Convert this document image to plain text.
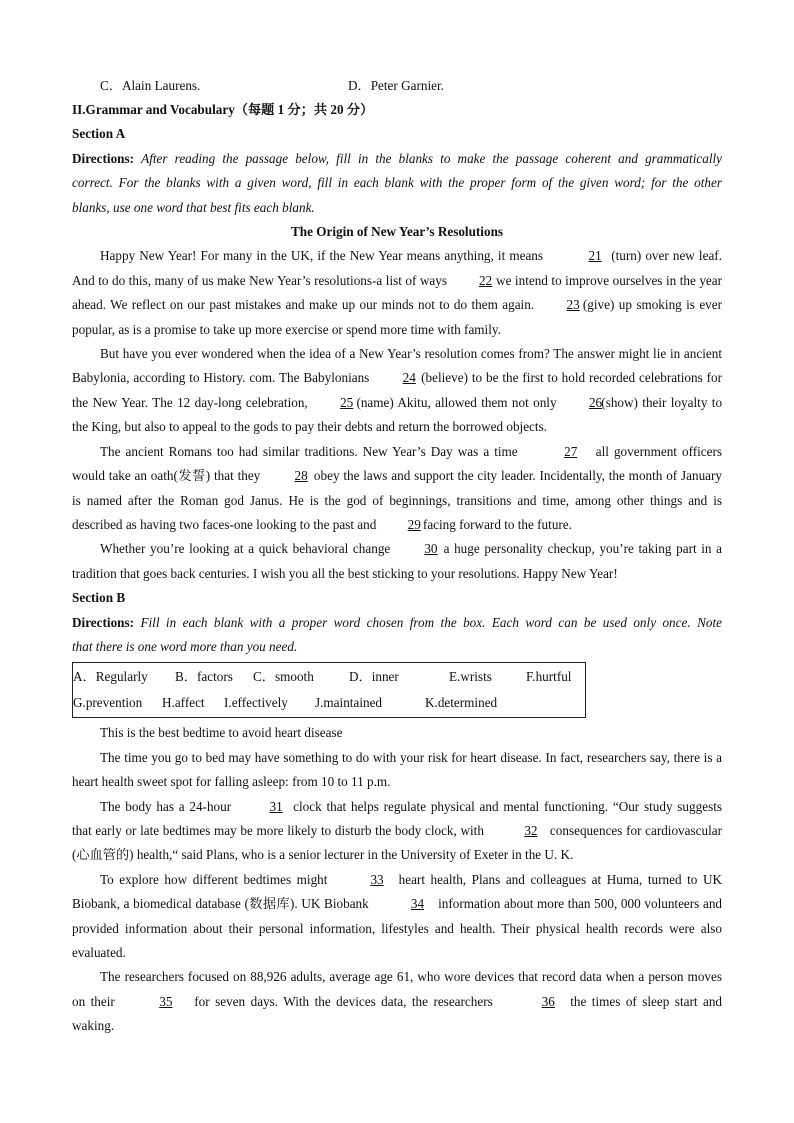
C．Alain Laurens.	D．Peter Garnier.
II.Grammar and Vocabulary（每题 1 分；共 20 分）
Section A
Directions: After reading the passage below, fill in the blanks to make the passage coherent and grammatically
correct. For the blanks with a given word, fill in each blank with the proper form of the given word; for the other
blanks, use one word that best fits each blank.
The Origin of New Year’s Resolutions
Happy New Year! For many in the UK, if the New Year means anything, it means	21 (turn) over new leaf. And to do this, many of us make New Year’s resolutions-a list of ways 22 we intend to improve ourselves in the year ahead. We reflect on our past mistakes and make up our minds not to do them again. 23 (give) up smoking is ever popular, as is a promise to take up more exercise or spend more time with family.
But have you ever wondered when the idea of a New Year’s resolution comes from? The answer might lie in ancient Babylonia, according to History. com. The Babylonians	24 (believe) to be the first to hold recorded celebrations for the New Year. The 12 day-long celebration, 25 (name) Akitu, allowed them not only 26 (show) their loyalty to the King, but also to appeal to the gods to pay their debts and return the borrowed objects.
The ancient Romans too had similar traditions. New Year’s Day was a time	27 all government officers would take an oath(发誓) that they	28 obey the laws and support the city leader. Incidentally, the month of January is named after the Roman god Janus. He is the god of beginnings, transitions and time, among other things and is described as having two faces-one looking to the past and 29 facing forward to the future.
Whether you’re looking at a quick behavioral change	30 a huge personality checkup, you’re taking part in a tradition that goes back centuries. I wish you all the best sticking to your resolutions. Happy New Year!
Section B
Directions: Fill in each blank with a proper word chosen from the box. Each word can be used only once. Note
that there is one word more than you need.
A．Regularly B．factors C．smooth	D．inner	E.wrists	F.hurtful
G.prevention H.affect I.effectively J.maintained	K.determined
This is the best bedtime to avoid heart disease
The time you go to bed may have something to do with your risk for heart disease. In fact, researchers say, there is a heart health sweet spot for falling asleep: from 10 to 11 p.m.
The body has a 24-hour	31 clock that helps regulate physical and mental functioning. “Our study suggests that early or late bedtimes may be more likely to disturb the body clock, with	32 consequences for cardiovascular (心血管的) health,“ said Plans, who is a senior lecturer in the University of Exeter in the U. K.
To explore how different bedtimes might	33 heart health, Plans and colleagues at Huma, turned to UK Biobank, a biomedical database (数据库). UK Biobank	34 information about more than 500, 000 volunteers and provided information about their personal information, lifestyles and health. Their physical health records were also evaluated.
The researchers focused on 88,926 adults, average age 61, who wore devices that record data when a person moves on their	35 for seven days. With the devices data, the researchers	36 the times of sleep start and waking.
